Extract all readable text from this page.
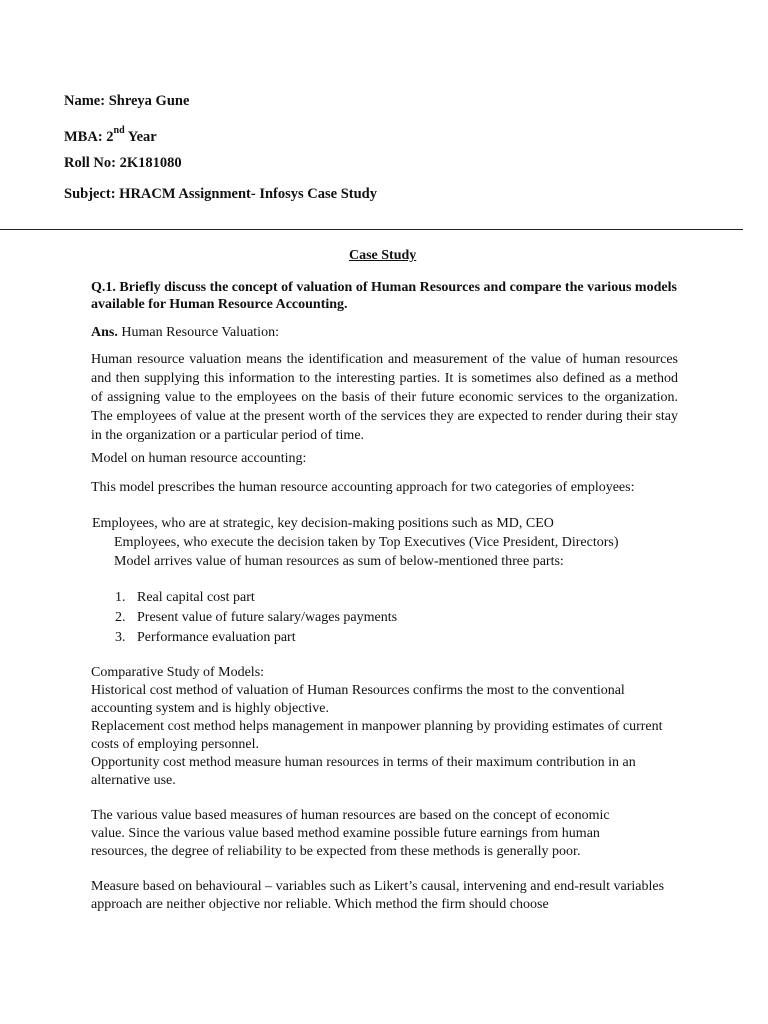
Name: Shreya Gune

MBA: 2nd Year

Roll No: 2K181080

Subject: HRACM Assignment- Infosys Case Study

Case Study

Q.1. Briefly discuss the concept of valuation of Human Resources and compare the various models available for Human Resource Accounting.

Ans. Human Resource Valuation:

Human resource valuation means the identification and measurement of the value of human resources and then supplying this information to the interesting parties. It is sometimes also defined as a method of assigning value to the employees on the basis of their future economic services to the organization. The employees of value at the present worth of the services they are expected to render during their stay in the organization or a particular period of time.

Model on human resource accounting:

This model prescribes the human resource accounting approach for two categories of employees:

Employees, who are at strategic, key decision-making positions such as MD, CEO

Employees, who execute the decision taken by Top Executives (Vice President, Directors)

Model arrives value of human resources as sum of below-mentioned three parts:

1. Real capital cost part
2. Present value of future salary/wages payments
3. Performance evaluation part

Comparative Study of Models:

Historical cost method of valuation of Human Resources confirms the most to the conventional accounting system and is highly objective.

Replacement cost method helps management in manpower planning by providing estimates of current costs of employing personnel.

Opportunity cost method measure human resources in terms of their maximum contribution in an alternative use.

The various value based measures of human resources are based on the concept of economic value. Since the various value based method examine possible future earnings from human resources, the degree of reliability to be expected from these methods is generally poor.

Measure based on behavioural – variables such as Likert’s causal, intervening and end-result variables approach are neither objective nor reliable. Which method the firm should choose
